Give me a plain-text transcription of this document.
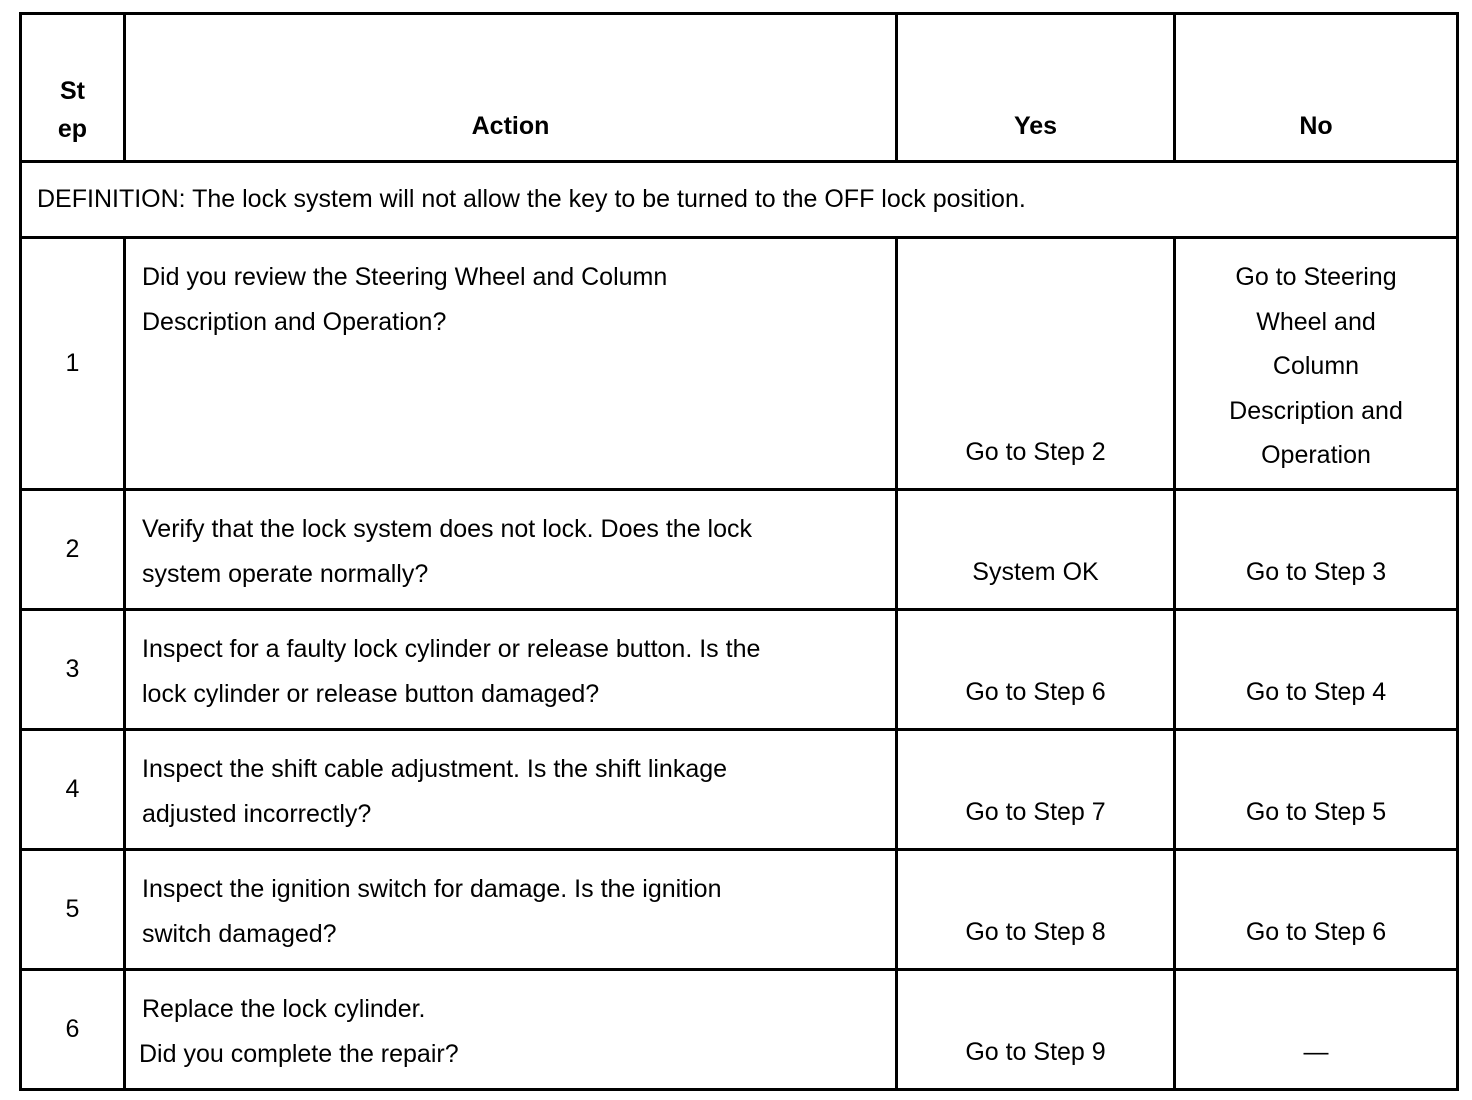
St
ep	Action	Yes	No
DEFINITION: The lock system will not allow the key to be turned to the OFF lock position.			
1	Did you review the Steering Wheel and Column
Description and Operation?	Go to Step 2	Go to Steering
Wheel and
Column
Description and
Operation

2	Verify that the lock system does not lock. Does the lock
system operate normally?	System OK	Go to Step 3
3	Inspect for a faulty lock cylinder or release button. Is the
lock cylinder or release button damaged?	Go to Step 6	Go to Step 4
4	Inspect the shift cable adjustment. Is the shift linkage
adjusted incorrectly?	Go to Step 7	Go to Step 5
5	Inspect the ignition switch for damage. Is the ignition
switch damaged?	Go to Step 8	Go to Step 6
6	Replace the lock cylinder.
Did you complete the repair?	Go to Step 9	—
